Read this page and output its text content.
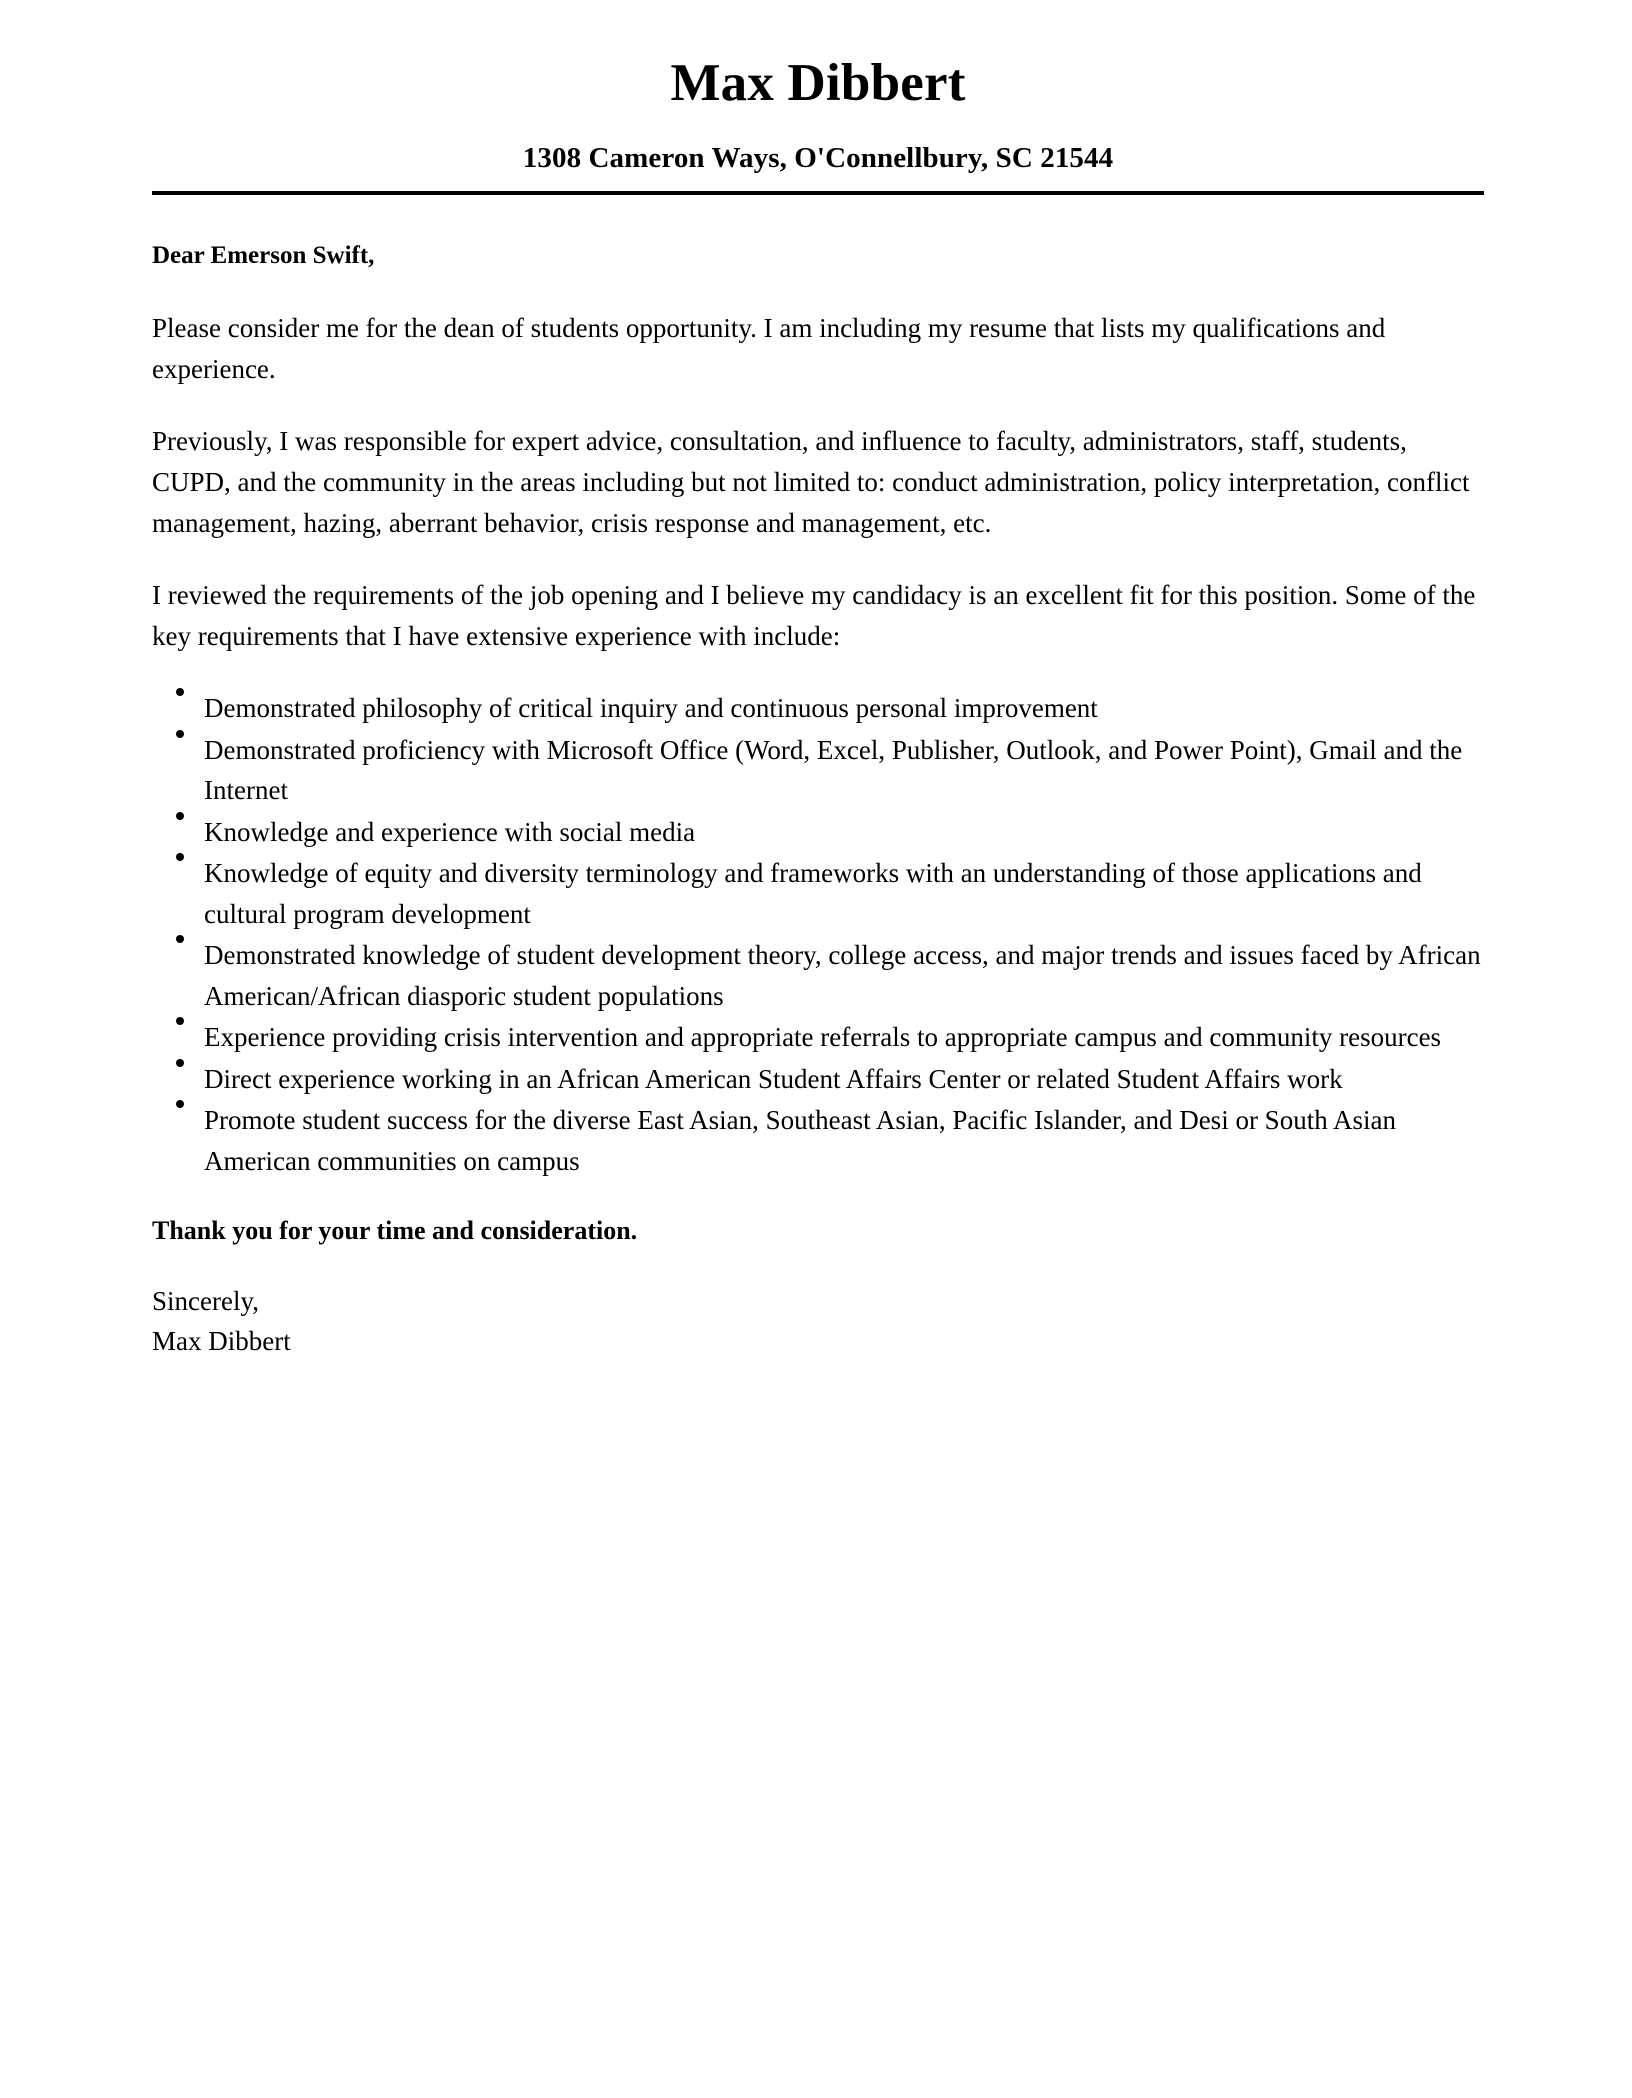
Max Dibbert
1308 Cameron Ways, O'Connellbury, SC 21544
Dear Emerson Swift,

Please consider me for the dean of students opportunity. I am including my resume that lists my qualifications and experience.

Previously, I was responsible for expert advice, consultation, and influence to faculty, administrators, staff, students, CUPD, and the community in the areas including but not limited to: conduct administration, policy interpretation, conflict management, hazing, aberrant behavior, crisis response and management, etc.

I reviewed the requirements of the job opening and I believe my candidacy is an excellent fit for this position. Some of the key requirements that I have extensive experience with include:

Demonstrated philosophy of critical inquiry and continuous personal improvement
Demonstrated proficiency with Microsoft Office (Word, Excel, Publisher, Outlook, and Power Point), Gmail and the Internet
Knowledge and experience with social media
Knowledge of equity and diversity terminology and frameworks with an understanding of those applications and cultural program development
Demonstrated knowledge of student development theory, college access, and major trends and issues faced by African American/African diasporic student populations
Experience providing crisis intervention and appropriate referrals to appropriate campus and community resources
Direct experience working in an African American Student Affairs Center or related Student Affairs work
Promote student success for the diverse East Asian, Southeast Asian, Pacific Islander, and Desi or South Asian American communities on campus
Thank you for your time and consideration.
Sincerely,
Max Dibbert
